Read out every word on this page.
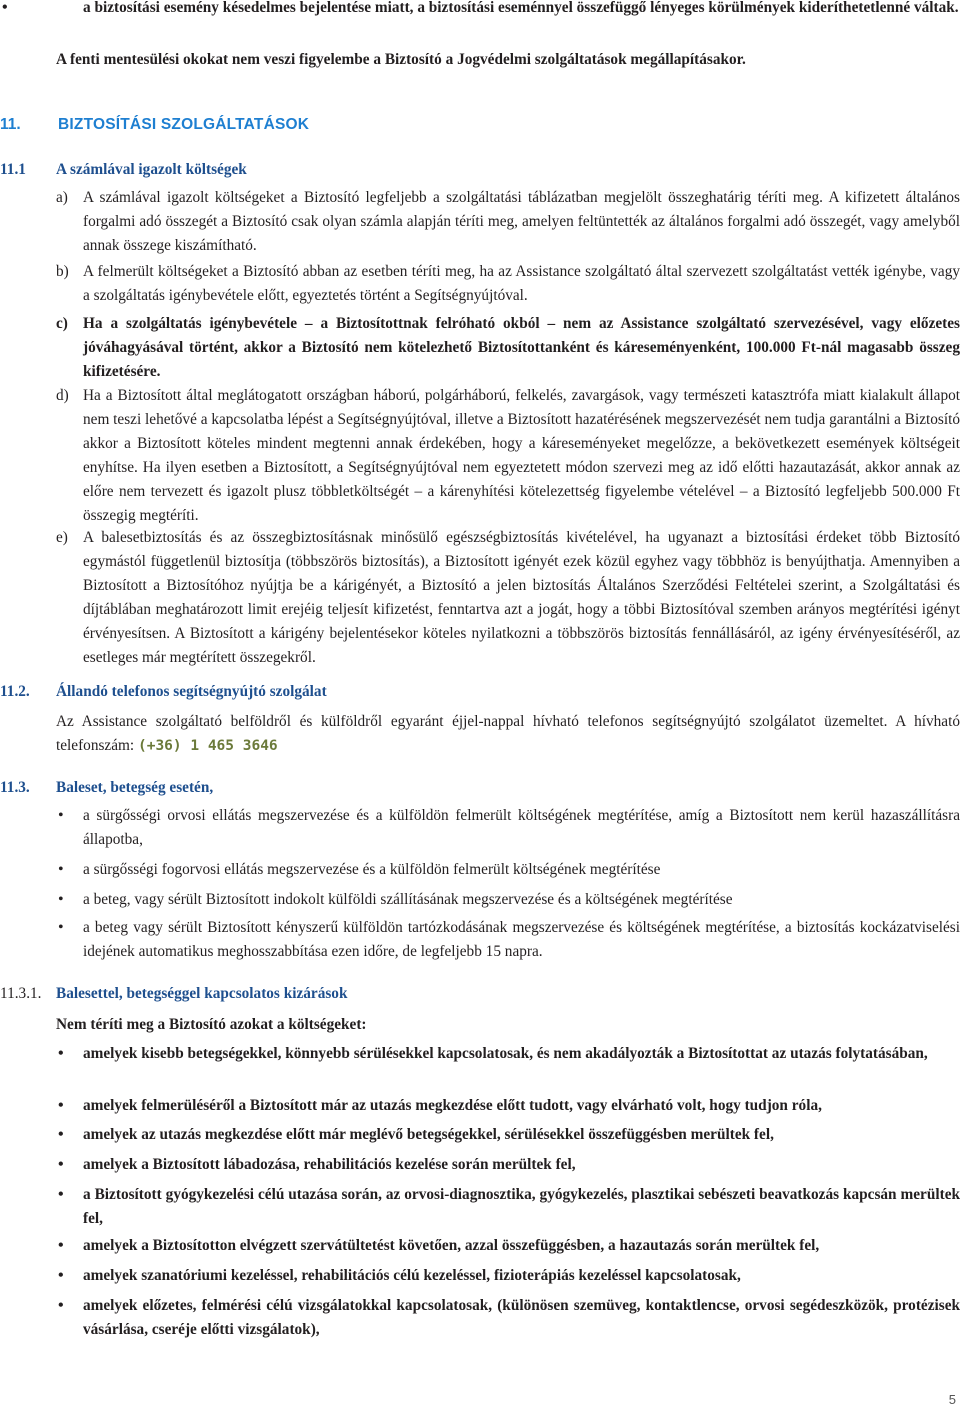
•	a biztosítási esemény késedelmes bejelentése miatt, a biztosítási eseménnyel összefüggő lényeges körülmények kideríthetetlenné váltak.
A fenti mentesülési okokat nem veszi figyelembe a Biztosító a Jogvédelmi szolgáltatások megállapításakor.
11. BIZTOSÍTÁSI SZOLGÁLTATÁSOK
11.1 A számlával igazolt költségek
a) A számlával igazolt költségeket a Biztosító legfeljebb a szolgáltatási táblázatban megjelölt összeghatárig téríti meg. A kifizetett általános forgalmi adó összegét a Biztosító csak olyan számla alapján téríti meg, amelyen feltüntették az általános forgalmi adó összegét, vagy amelyből annak összege kiszámítható.
b) A felmerült költségeket a Biztosító abban az esetben téríti meg, ha az Assistance szolgáltató által szervezett szolgáltatást vették igénybe, vagy a szolgáltatás igénybevétele előtt, egyeztetés történt a Segítségnyújtóval.
c) Ha a szolgáltatás igénybevétele – a Biztosítottnak felróható okból – nem az Assistance szolgáltató szervezésével, vagy előzetes jóváhagyásával történt, akkor a Biztosító nem kötelezhető Biztosítottanként és káreseményenként, 100.000 Ft-nál magasabb összeg kifizetésére.
d) Ha a Biztosított által meglátogatott országban háború, polgárháború, felkelés, zavargások, vagy természeti katasztrófa miatt kialakult állapot nem teszi lehetővé a kapcsolatba lépést a Segítségnyújtóval, illetve a Biztosított hazatérésének megszervezését nem tudja garantálni a Biztosító akkor a Biztosított köteles mindent megtenni annak érdekében, hogy a káreseményeket megelőzze, a bekövetkezett események költségeit enyhítse. Ha ilyen esetben a Biztosított, a Segítségnyújtóval nem egyeztetett módon szervezi meg az idő előtti hazautazását, akkor annak az előre nem tervezett és igazolt plusz többletköltségét – a kárenyhítési kötelezettség figyelembe vételével – a Biztosító legfeljebb 500.000 Ft összegig megtéríti.
e) A balesetbiztosítás és az összegbiztosításnak minősülő egészségbiztosítás kivételével, ha ugyanazt a biztosítási érdeket több Biztosító egymástól függetlenül biztosítja (többszörös biztosítás), a Biztosított igényét ezek közül egyhez vagy többhöz is benyújthatja. Amennyiben a Biztosított a Biztosítóhoz nyújtja be a kárigényét, a Biztosító a jelen biztosítás Általános Szerződési Feltételei szerint, a Szolgáltatási és díjtáblában meghatározott limit erejéig teljesít kifizetést, fenntartva azt a jogát, hogy a többi Biztosítóval szemben arányos megtérítési igényt érvényesítsen. A Biztosított a kárigény bejelentésekor köteles nyilatkozni a többszörös biztosítás fennállásáról, az igény érvényesítéséről, az esetleges már megtérített összegekről.
11.2. Állandó telefonos segítségnyújtó szolgálat
Az Assistance szolgáltató belföldről és külföldről egyaránt éjjel-nappal hívható telefonos segítségnyújtó szolgálatot üzemeltet. A hívható telefonszám: (+36) 1 465 3646
11.3. Baleset, betegség esetén,
•	a sürgősségi orvosi ellátás megszervezése és a külföldön felmerült költségének megtérítése, amíg a Biztosított nem kerül hazaszállításra állapotba,
•	a sürgősségi fogorvosi ellátás megszervezése és a külföldön felmerült költségének megtérítése
•	a beteg, vagy sérült Biztosított indokolt külföldi szállításának megszervezése és a költségének megtérítése
•	a beteg vagy sérült Biztosított kényszerű külföldön tartózkodásának megszervezése és költségének megtérítése, a biztosítás kockázatviselési idejének automatikus meghosszabbítása ezen időre, de legfeljebb 15 napra.
11.3.1. Balesettel, betegséggel kapcsolatos kizárások
Nem téríti meg a Biztosító azokat a költségeket:
•	amelyek kisebb betegségekkel, könnyebb sérülésekkel kapcsolatosak, és nem akadályozták a Biztosítottat az utazás folytatásában,
•	amelyek felmerüléséről a Biztosított már az utazás megkezdése előtt tudott, vagy elvárható volt, hogy tudjon róla,
•	amelyek az utazás megkezdése előtt már meglévő betegségekkel, sérülésekkel összefüggésben merültek fel,
•	amelyek a Biztosított lábadozása, rehabilitációs kezelése során merültek fel,
•	a Biztosított gyógykezelési célú utazása során, az orvosi-diagnosztika, gyógykezelés, plasztikai sebészeti beavatkozás kapcsán merültek fel,
•	amelyek a Biztosítotton elvégzett szervátültetést követően, azzal összefüggésben, a hazautazás során merültek fel,
•	amelyek szanatóriumi kezeléssel, rehabilitációs célú kezeléssel, fizioterápiás kezeléssel kapcsolatosak,
•	amelyek előzetes, felmérési célú vizsgálatokkal kapcsolatosak, (különösen szemüveg, kontaktlencse, orvosi segédeszközök, protézisek vásárlása, cseréje előtti vizsgálatok),
5
